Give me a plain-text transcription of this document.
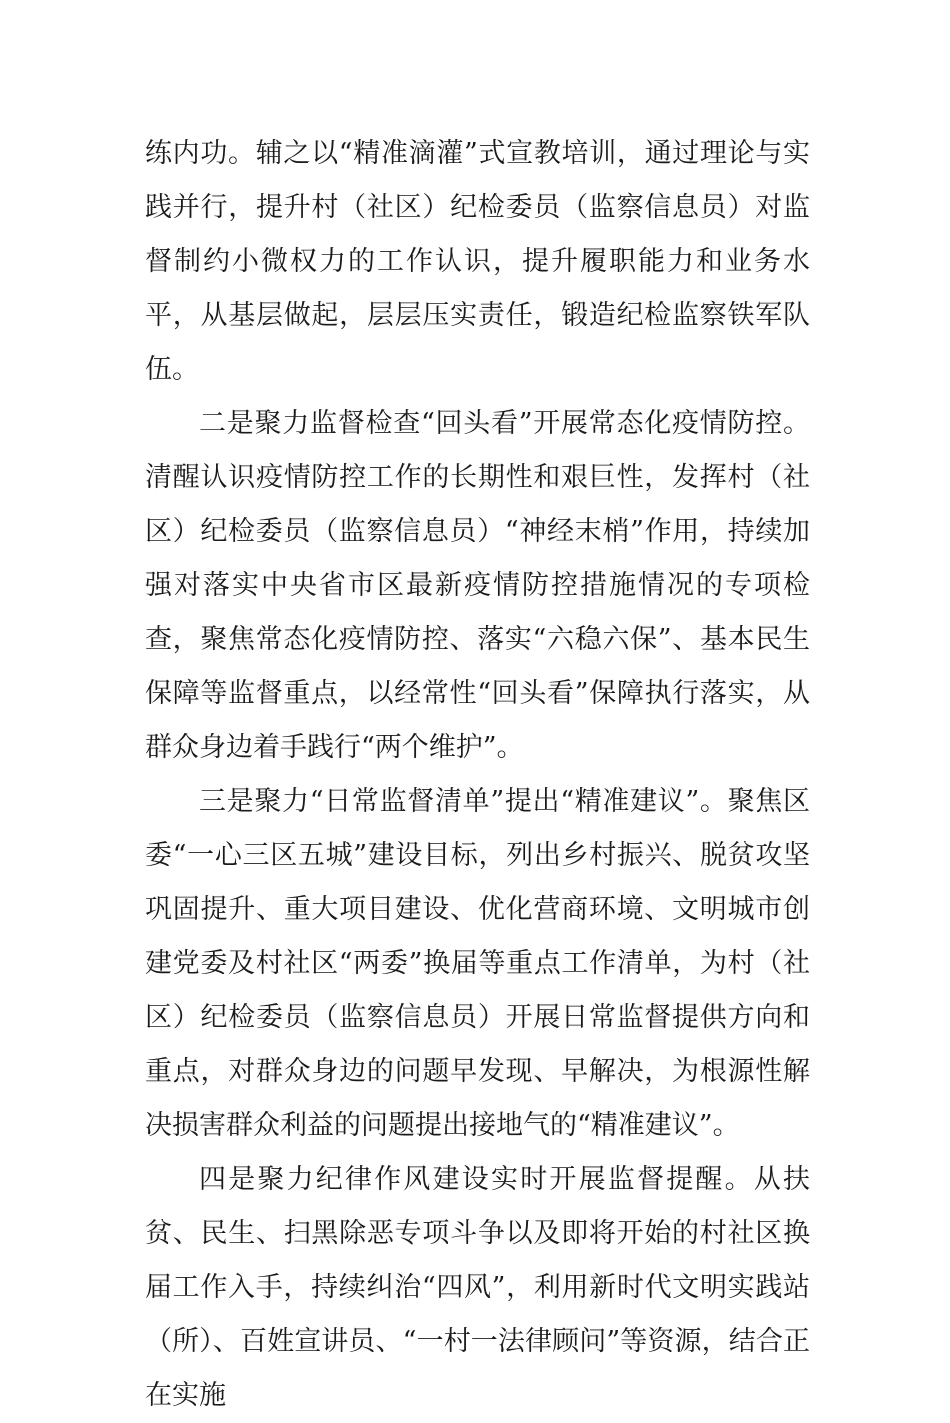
练内功。辅之以“精准滴灌”式宣教培训，通过理论与实践并行，提升村（社区）纪检委员（监察信息员）对监督制约小微权力的工作认识，提升履职能力和业务水平，从基层做起，层层压实责任，锻造纪检监察铁军队伍。

二是聚力监督检查“回头看”开展常态化疫情防控。清醒认识疫情防控工作的长期性和艰巨性，发挥村（社区）纪检委员（监察信息员）“神经末梢”作用，持续加强对落实中央省市区最新疫情防控措施情况的专项检查，聚焦常态化疫情防控、落实“六稳六保”、基本民生保障等监督重点，以经常性“回头看”保障执行落实，从群众身边着手践行“两个维护”。

三是聚力“日常监督清单”提出“精准建议”。聚焦区委“一心三区五城”建设目标，列出乡村振兴、脱贫攻坚巩固提升、重大项目建设、优化营商环境、文明城市创建党委及村社区“两委”换届等重点工作清单，为村（社区）纪检委员（监察信息员）开展日常监督提供方向和重点，对群众身边的问题早发现、早解决，为根源性解决损害群众利益的问题提出接地气的“精准建议”。

四是聚力纪律作风建设实时开展监督提醒。从扶贫、民生、扫黑除恶专项斗争以及即将开始的村社区换届工作入手，持续纠治“四风”，利用新时代文明实践站（所）、百姓宣讲员、“一村一法律顾问”等资源，结合正在实施
